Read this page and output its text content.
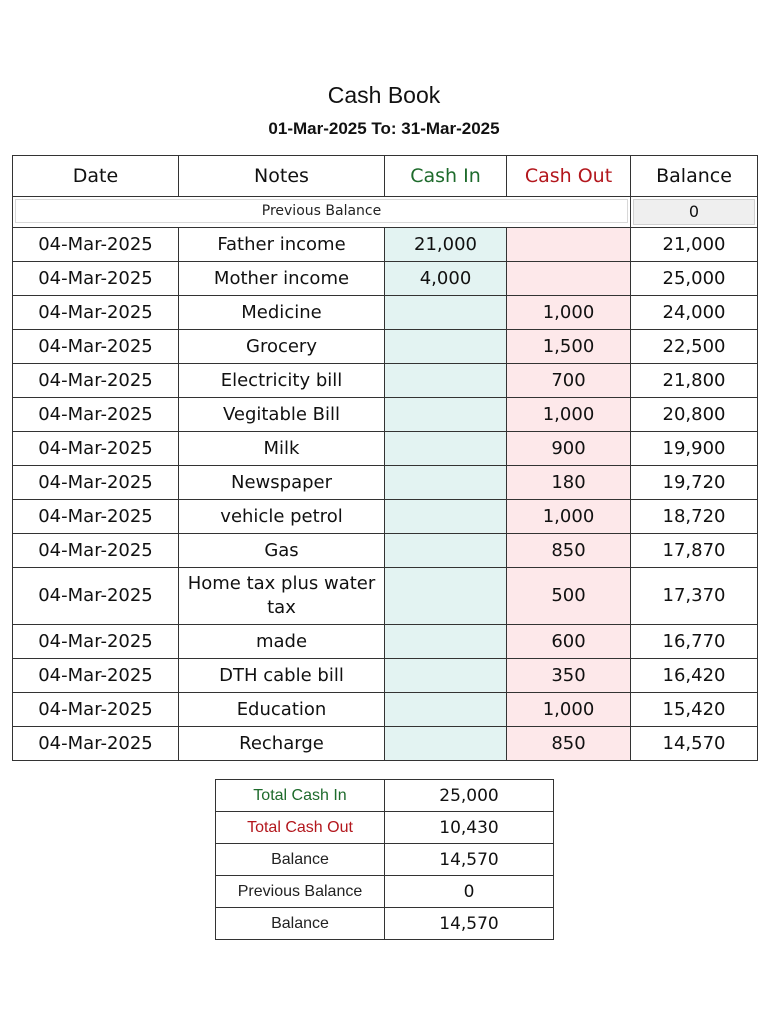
Cash Book
01-Mar-2025 To: 31-Mar-2025
Date	Notes	Cash In	Cash Out	Balance

Previous Balance				0

04-Mar-2025	Father income	21,000		21,000
04-Mar-2025	Mother income	4,000		25,000
04-Mar-2025	Medicine		1,000	24,000
04-Mar-2025	Grocery		1,500	22,500
04-Mar-2025	Electricity bill		700	21,800
04-Mar-2025	Vegitable Bill		1,000	20,800
04-Mar-2025	Milk		900	19,900
04-Mar-2025	Newspaper		180	19,720
04-Mar-2025	vehicle petrol		1,000	18,720
04-Mar-2025	Gas		850	17,870
04-Mar-2025	Home tax plus water tax		500	17,370
04-Mar-2025	made		600	16,770
04-Mar-2025	DTH cable bill		350	16,420
04-Mar-2025	Education		1,000	15,420
04-Mar-2025	Recharge		850	14,570
Total Cash In	25,000
Total Cash Out	10,430
Balance	14,570
Previous Balance	0
Balance	14,570
